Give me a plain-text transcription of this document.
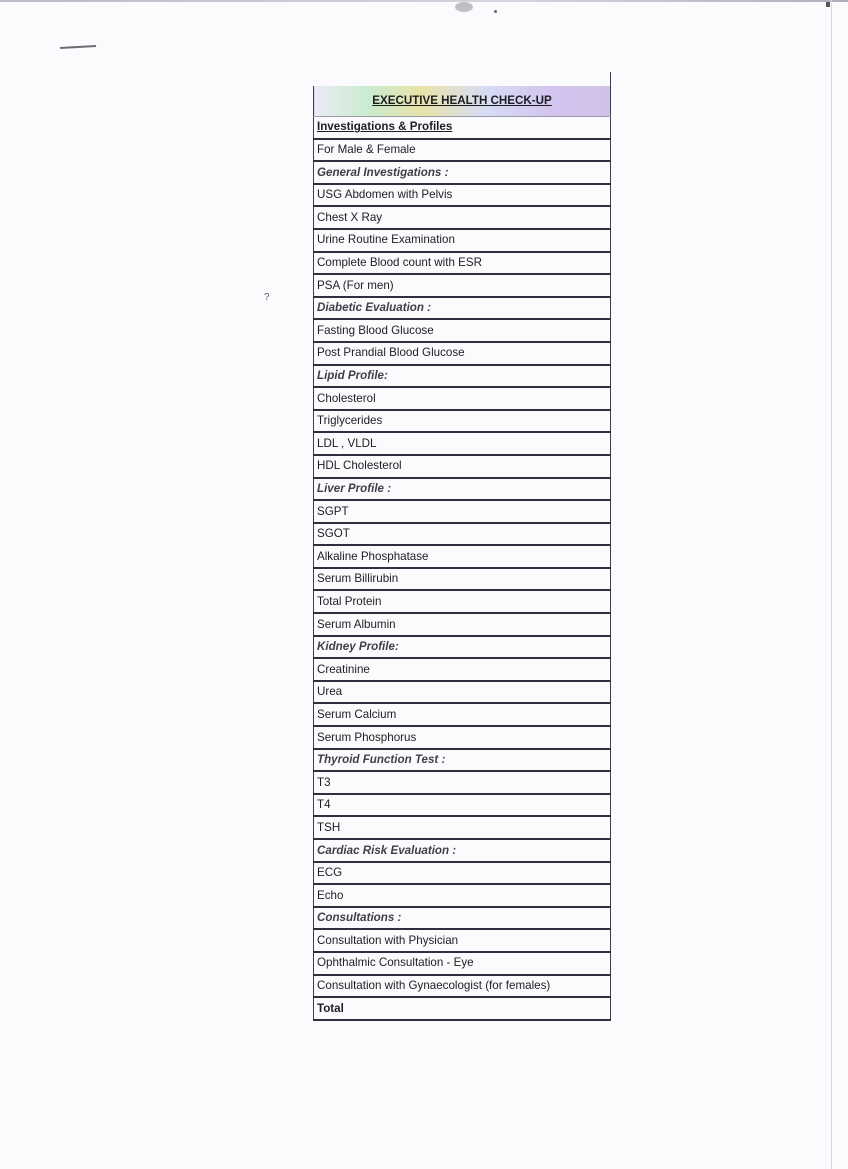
?
EXECUTIVE HEALTH CHECK-UP
Investigations & Profiles
For Male & Female
General Investigations :
USG Abdomen with Pelvis
Chest X Ray
Urine Routine Examination
Complete Blood count with ESR
PSA (For men)
Diabetic Evaluation :
Fasting Blood Glucose
Post Prandial Blood Glucose
Lipid Profile:
Cholesterol
Triglycerides
LDL , VLDL
HDL Cholesterol
Liver Profile :
SGPT
SGOT
Alkaline Phosphatase
Serum Billirubin
Total Protein
Serum Albumin
Kidney Profile:
Creatinine
Urea
Serum Calcium
Serum Phosphorus
Thyroid Function Test :
T3
T4
TSH
Cardiac Risk Evaluation :
ECG
Echo
Consultations :
Consultation with Physician
Ophthalmic Consultation - Eye
Consultation with Gynaecologist (for females)
Total
